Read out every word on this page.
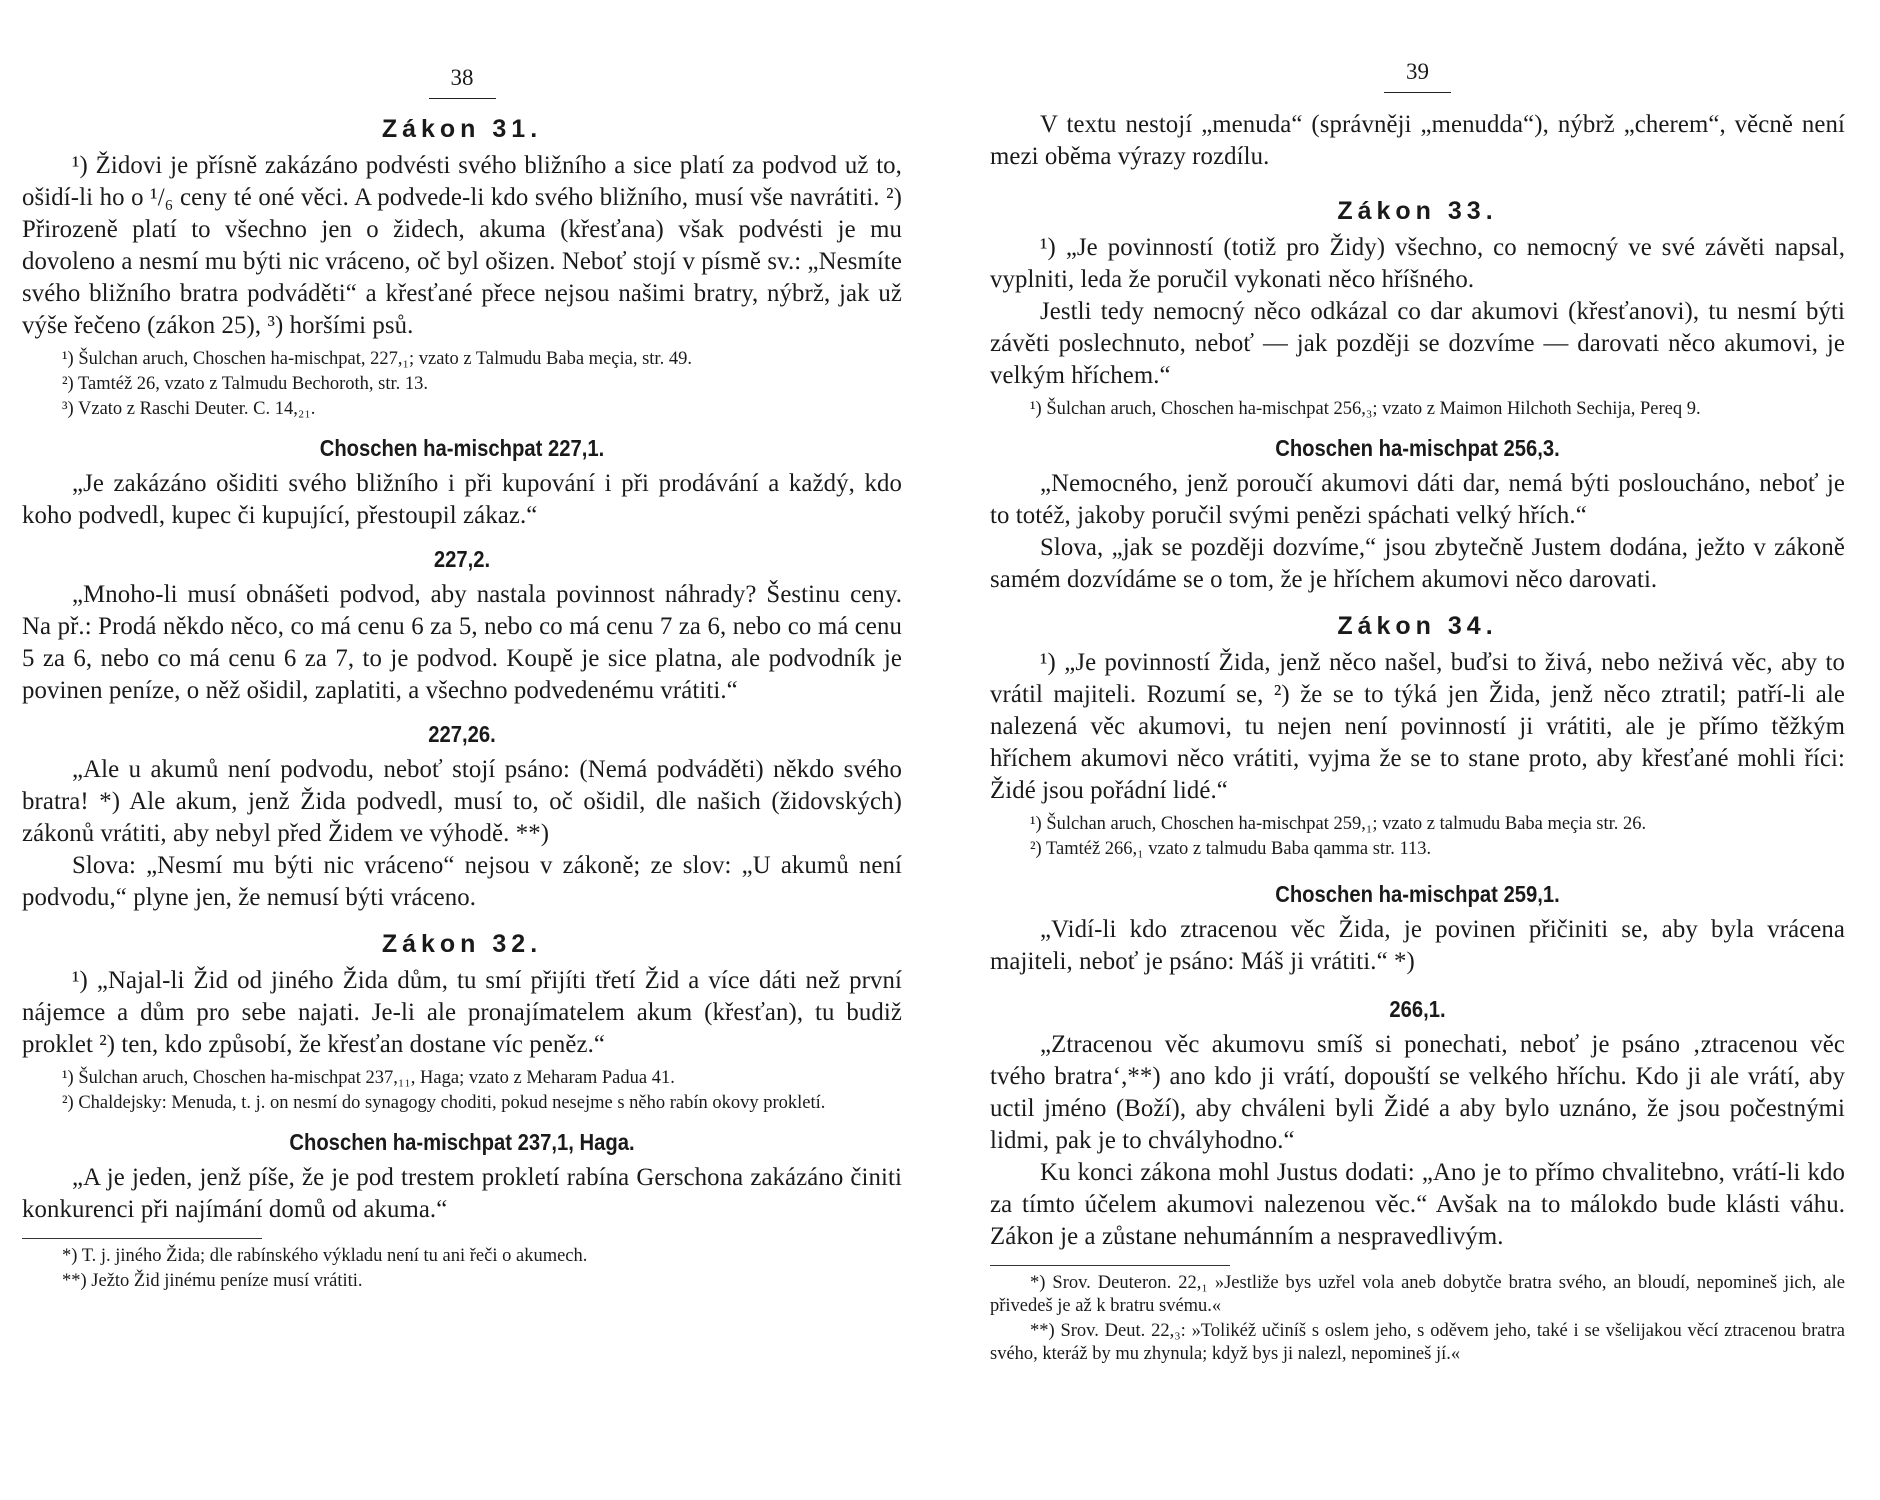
38
Zákon 31.

¹) Židovi je přísně zakázáno podvésti svého bližního a sice platí za podvod už to, ošidí-li ho o ¹/₆ ceny té oné věci. A podvede-li kdo svého bližního, musí vše navrátiti. ²) Přirozeně platí to všechno jen o židech, akuma (křesťana) však podvésti je mu dovoleno a nesmí mu býti nic vráceno, oč byl ošizen. Neboť stojí v písmě sv.: „Nesmíte svého bližního bratra podváděti“ a křesťané přece nejsou našimi bratry, nýbrž, jak už výše řečeno (zákon 25), ³) horšími psů.

¹) Šulchan aruch, Choschen ha-mischpat, 227,₁; vzato z Talmudu Baba meçia, str. 49.

²) Tamtéž 26, vzato z Talmudu Bechoroth, str. 13.

³) Vzato z Raschi Deuter. C. 14,₂₁.

Choschen ha-mischpat 227,1.

„Je zakázáno ošiditi svého bližního i při kupování i při prodávání a každý, kdo koho podvedl, kupec či kupující, přestoupil zákaz.“

227,2.

„Mnoho-li musí obnášeti podvod, aby nastala povinnost náhrady? Šestinu ceny. Na př.: Prodá někdo něco, co má cenu 6 za 5, nebo co má cenu 7 za 6, nebo co má cenu 5 za 6, nebo co má cenu 6 za 7, to je podvod. Koupě je sice platna, ale podvodník je povinen peníze, o něž ošidil, zaplatiti, a všechno podvedenému vrátiti.“

227,26.

„Ale u akumů není podvodu, neboť stojí psáno: (Nemá podváděti) někdo svého bratra! *) Ale akum, jenž Žida podvedl, musí to, oč ošidil, dle našich (židovských) zákonů vrátiti, aby nebyl před Židem ve výhodě. **)

Slova: „Nesmí mu býti nic vráceno“ nejsou v zákoně; ze slov: „U akumů není podvodu,“ plyne jen, že nemusí býti vráceno.

Zákon 32.

¹) „Najal-li Žid od jiného Žida dům, tu smí přijíti třetí Žid a více dáti než první nájemce a dům pro sebe najati. Je-li ale pronajímatelem akum (křesťan), tu budiž proklet ²) ten, kdo způsobí, že křesťan dostane víc peněz.“

¹) Šulchan aruch, Choschen ha-mischpat 237,₁₁, Haga; vzato z Meharam Padua 41.

²) Chaldejsky: Menuda, t. j. on nesmí do synagogy choditi, pokud nesejme s něho rabín okovy prokletí.

Choschen ha-mischpat 237,1, Haga.

„A je jeden, jenž píše, že je pod trestem prokletí rabína Gerschona zakázáno činiti konkurenci při najímání domů od akuma.“

*) T. j. jiného Žida; dle rabínského výkladu není tu ani řeči o akumech.

**) Ježto Žid jinému peníze musí vrátiti.

39

V textu nestojí „menuda“ (správněji „menudda“), nýbrž „cherem“, věcně není mezi oběma výrazy rozdílu.

Zákon 33.

¹) „Je povinností (totiž pro Židy) všechno, co nemocný ve své závěti napsal, vyplniti, leda že poručil vykonati něco hříšného.

Jestli tedy nemocný něco odkázal co dar akumovi (křesťanovi), tu nesmí býti závěti poslechnuto, neboť — jak později se dozvíme — darovati něco akumovi, je velkým hříchem.“

¹) Šulchan aruch, Choschen ha-mischpat 256,₃; vzato z Maimon Hilchoth Sechija, Pereq 9.

Choschen ha-mischpat 256,3.

„Nemocného, jenž poroučí akumovi dáti dar, nemá býti posloucháno, neboť je to totéž, jakoby poručil svými penězi spáchati velký hřích.“

Slova, „jak se později dozvíme,“ jsou zbytečně Justem dodána, ježto v zákoně samém dozvídáme se o tom, že je hříchem akumovi něco darovati.

Zákon 34.

¹) „Je povinností Žida, jenž něco našel, buďsi to živá, nebo neživá věc, aby to vrátil majiteli. Rozumí se, ²) že se to týká jen Žida, jenž něco ztratil; patří-li ale nalezená věc akumovi, tu nejen není povinností ji vrátiti, ale je přímo těžkým hříchem akumovi něco vrátiti, vyjma že se to stane proto, aby křesťané mohli říci: Židé jsou pořádní lidé.“

¹) Šulchan aruch, Choschen ha-mischpat 259,₁; vzato z talmudu Baba meçia str. 26.

²) Tamtéž 266,₁ vzato z talmudu Baba qamma str. 113.

Choschen ha-mischpat 259,1.

„Vidí-li kdo ztracenou věc Žida, je povinen přičiniti se, aby byla vrácena majiteli, neboť je psáno: Máš ji vrátiti.“ *)

266,1.

„Ztracenou věc akumovu smíš si ponechati, neboť je psáno ‚ztracenou věc tvého bratra‘,**) ano kdo ji vrátí, dopouští se velkého hříchu. Kdo ji ale vrátí, aby uctil jméno (Boží), aby chváleni byli Židé a aby bylo uznáno, že jsou počestnými lidmi, pak je to chvályhodno.“

Ku konci zákona mohl Justus dodati: „Ano je to přímo chvalitebno, vrátí-li kdo za tímto účelem akumovi nalezenou věc.“ Avšak na to málokdo bude klásti váhu. Zákon je a zůstane nehumánním a nespravedlivým.

*) Srov. Deuteron. 22,₁ »Jestliže bys uzřel vola aneb dobytče bratra svého, an bloudí, nepomineš jich, ale přivedeš je až k bratru svému.«

**) Srov. Deut. 22,₃: »Tolikéž učiníš s oslem jeho, s oděvem jeho, také i se všelijakou věcí ztracenou bratra svého, kteráž by mu zhynula; když bys ji nalezl, nepomineš jí.«
